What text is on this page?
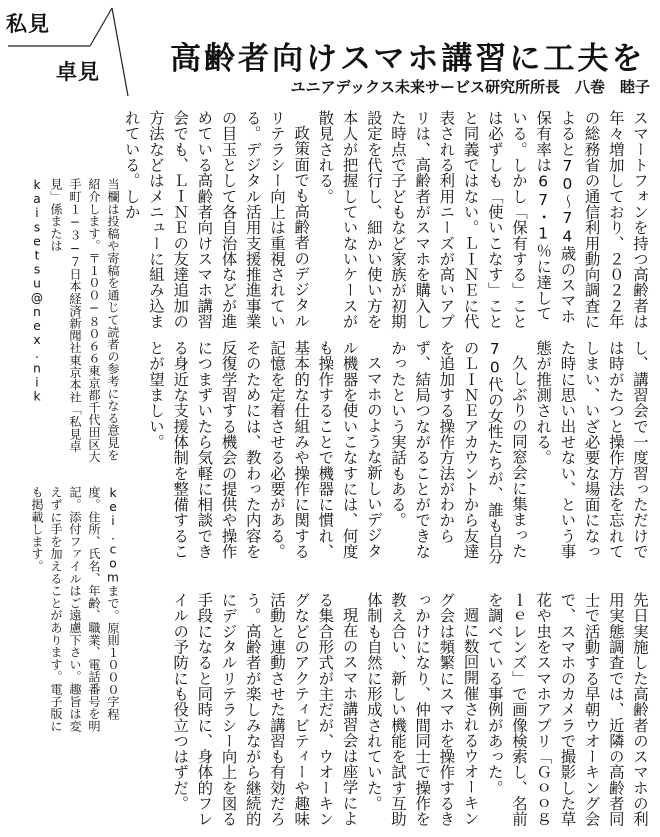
私見
卓見 高齢者向けスマホ講習に工夫を
ユニアデックス未来サービス研究所所長　八巻　睦子

スマートフォンを持つ高齢者は年々増加しており、２０２２年の総務省の通信利用動向調査によると70〜74歳のスマホ保有率は67・1％に達している。しかし「保有する」ことは必ずしも「使いこなす」ことと同義ではない。ＬＩＮＥに代表される利用ニーズが高いアプリは、高齢者がスマホを購入した時点で子どもなど家族が初期設定を代行し、細かい使い方を本人が把握していないケースが散見される。

政策面でも高齢者のデジタルリテラシー向上は重視されている。デジタル活用支援推進事業の目玉として各自治体などが進めている高齢者向けスマホ講習会でも、ＬＩＮＥの友達追加の方法などはメニューに組み込まれている。しか

し、講習会で一度習っただけでは時がたつと操作方法を忘れてしまい、いざ必要な場面になった時に思い出せない、という事態が推測される。

久しぶりの同窓会に集まった70代の女性たちが、誰も自分のＬＩＮＥアカウントから友達を追加する操作方法がわからず、結局つながることができなかったという実話もある。

スマホのような新しいデジタル機器を使いこなすには、何度も操作することで機器に慣れ、基本的な仕組みや操作に関する記憶を定着させる必要がある。そのためには、教わった内容を反復学習する機会の提供や操作につまずいたら気軽に相談できる身近な支援体制を整備することが望ましい。

先日実施した高齢者のスマホの利用実態調査では、近隣の高齢者同士で活動する早朝ウオーキング会で、スマホのカメラで撮影した草花や虫をスマホアプリ「Ｇｏｏｇｌｅレンズ」で画像検索し、名前を調べている事例があった。

週に数回開催されるウオーキング会は頻繁にスマホを操作するきっかけになり、仲間同士で操作を教え合い、新しい機能を試す互助体制も自然に形成されていた。

現在のスマホ講習会は座学による集合形式が主だが、ウオーキングなどのアクティビティーや趣味活動と連動させた講習も有効だろう。高齢者が楽しみながら継続的にデジタルリテラシー向上を図る手段になると同時に、身体的フレイルの予防にも役立つはずだ。

当欄は投稿や寄稿を通じて読者の参考になる意見を紹介します。〒１００−８０６６東京都千代田区大手町１−３−７日本経済新聞社東京本社「私見卓見」係またはkaisetsu@nex.nik
kei.comまで。原則１０００字程度。住所、氏名、年齢、職業、電話番号を明記。添付ファイルはご遠慮下さい。趣旨は変えずに手を加えることがあります。電子版にも掲載します。
